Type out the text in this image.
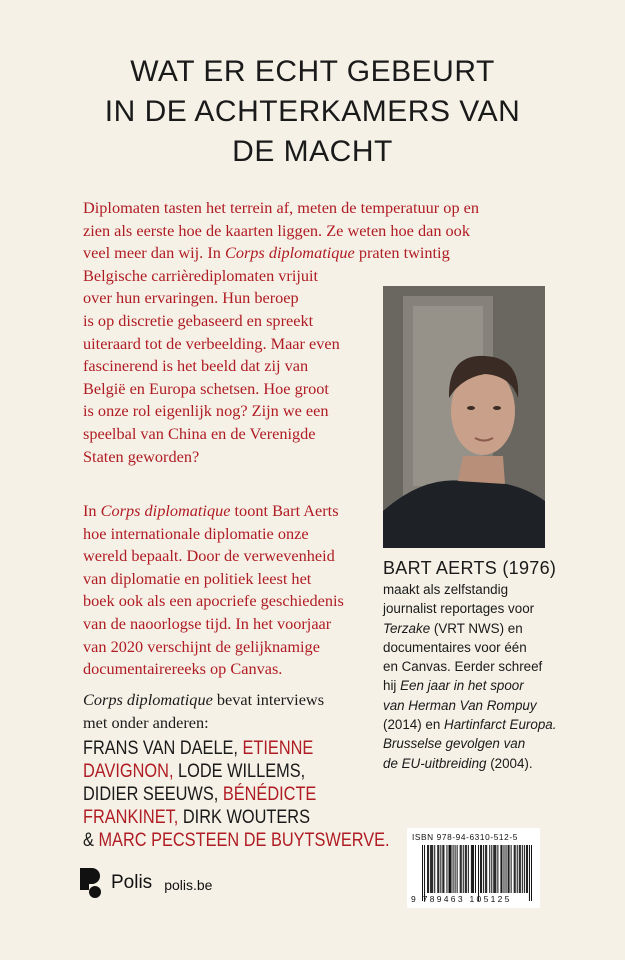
WAT ER ECHT GEBEURT
IN DE ACHTERKAMERS VAN
DE MACHT
Diplomaten tasten het terrein af, meten de temperatuur op en
zien als eerste hoe de kaarten liggen. Ze weten hoe dan ook
veel meer dan wij. In Corps diplomatique praten twintig
Belgische carrièrediplomaten vrijuit
over hun ervaringen. Hun beroep
is op discretie gebaseerd en spreekt
uiteraard tot de verbeelding. Maar even
fascinerend is het beeld dat zij van
België en Europa schetsen. Hoe groot
is onze rol eigenlijk nog? Zijn we een
speelbal van China en de Verenigde
Staten geworden?
In Corps diplomatique toont Bart Aerts
hoe internationale diplomatie onze
wereld bepaalt. Door de verwevenheid
van diplomatie en politiek leest het
boek ook als een apocriefe geschiedenis
van de naoorlogse tijd. In het voorjaar
van 2020 verschijnt de gelijknamige
documentairereeks op Canvas.
Corps diplomatique bevat interviews
met onder anderen:
FRANS VAN DAELE, ETIENNE
DAVIGNON, LODE WILLEMS,
DIDIER SEEUWS, BÉNÉDICTE
FRANKINET, DIRK WOUTERS
& MARC PECSTEEN DE BUYTSWERVE.
BART AERTS (1976)
maakt als zelfstandig
journalist reportages voor
Terzake (VRT NWS) en
documentaires voor één
en Canvas. Eerder schreef
hij Een jaar in het spoor
van Herman Van Rompuy
(2014) en Hartinfarct Europa.
Brusselse gevolgen van
de EU-uitbreiding (2004).
ISBN 978-94-6310-512-5
9 789463 105125
Polis polis.be
